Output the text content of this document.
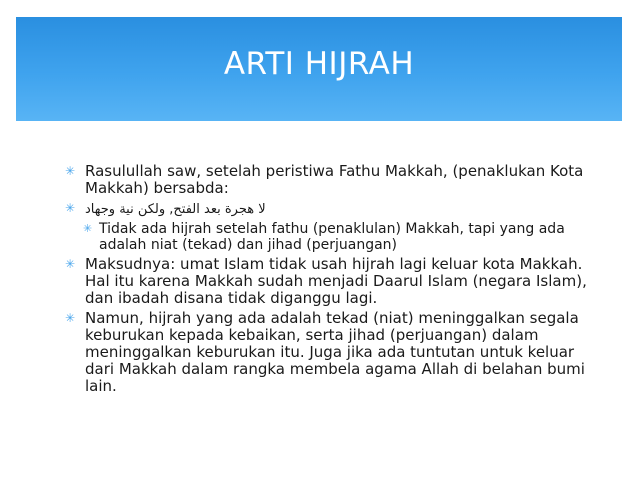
ARTI HIJRAH
✳ Rasulullah saw, setelah peristiwa Fathu Makkah, (penaklukan Kota Makkah) bersabda:
✳ لا هجرة بعد الفتح, ولكن نية وجهاد
✳ Tidak ada hijrah setelah fathu (penaklulan) Makkah, tapi yang ada adalah niat (tekad) dan jihad (perjuangan)
✳ Maksudnya: umat Islam tidak usah hijrah lagi keluar kota Makkah. Hal itu karena Makkah sudah menjadi Daarul Islam (negara Islam), dan ibadah disana tidak diganggu lagi.
✳ Namun, hijrah yang ada adalah tekad (niat) meninggalkan segala keburukan kepada kebaikan, serta jihad (perjuangan) dalam meninggalkan keburukan itu. Juga jika ada tuntutan untuk keluar dari Makkah dalam rangka membela agama Allah di belahan bumi lain.
